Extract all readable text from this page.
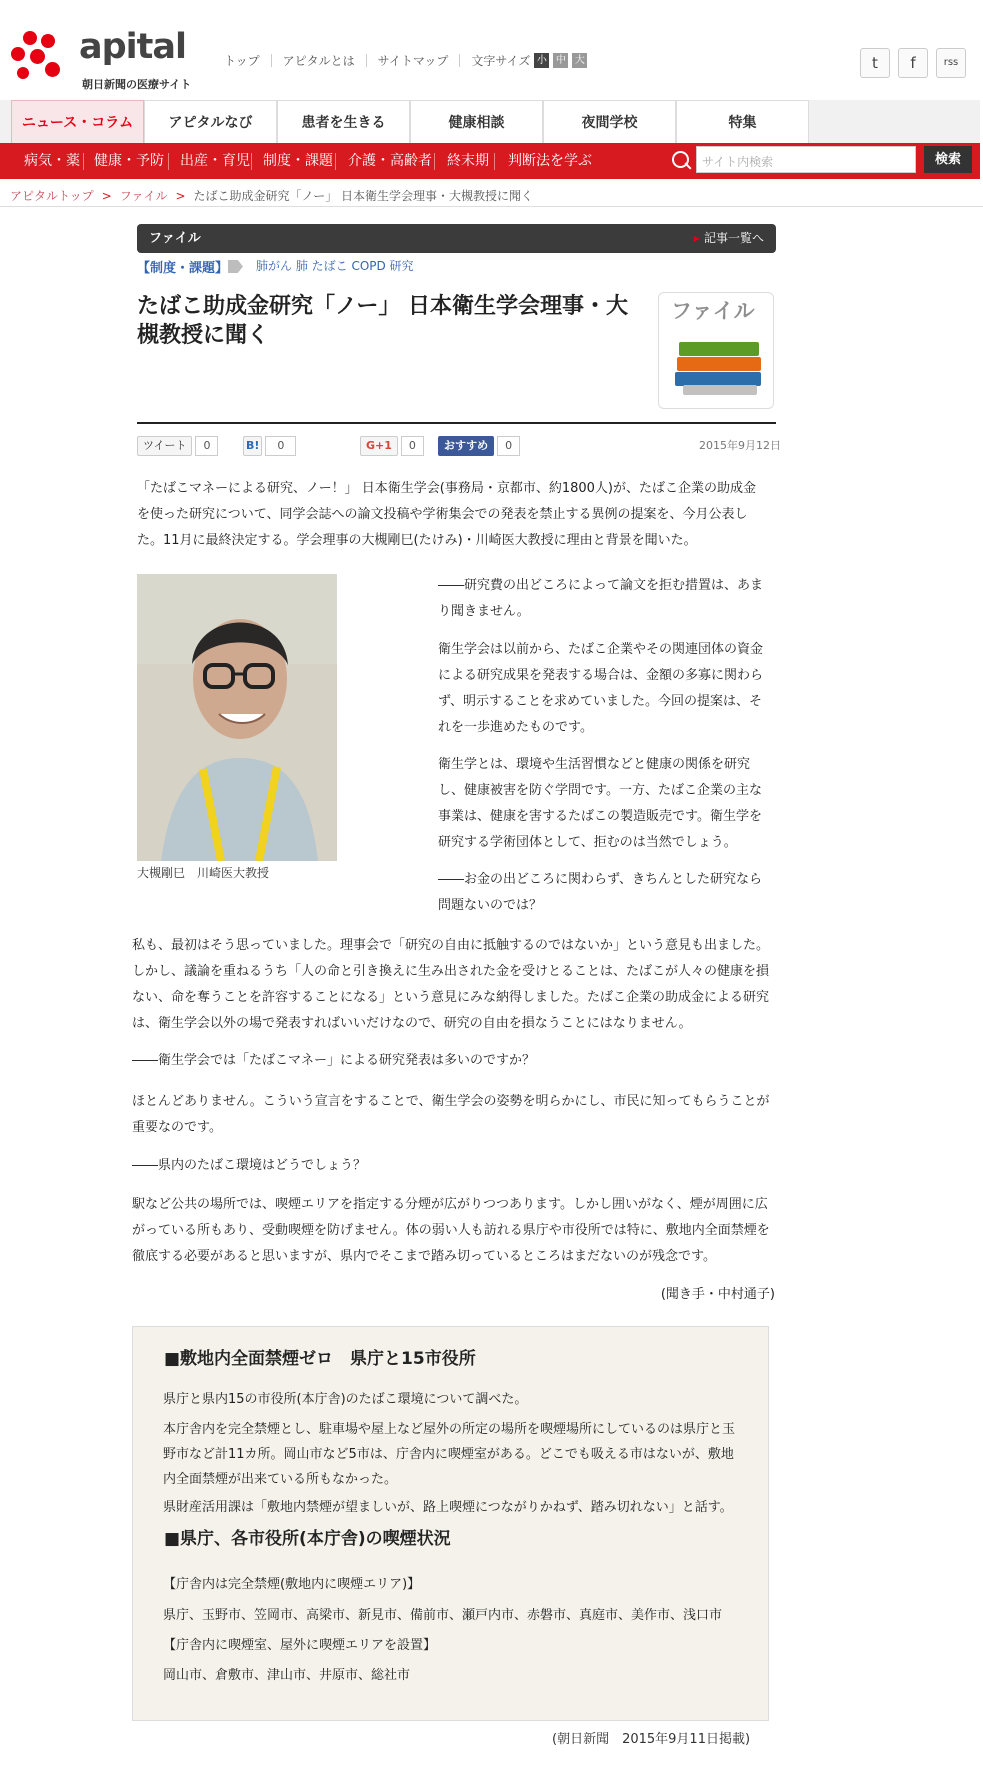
apital
朝日新聞の医療サイト
トップ アピタルとは サイトマップ 文字サイズ 小 中 大	t	f	rss
ニュース・コラム	アピタルなび	患者を生きる	健康相談	夜間学校	特集
病気・薬 健康・予防 出産・育児 制度・課題 介護・高齢者 終末期 判断法を学ぶ	サイト内検索	検索
アピタルトップ > ファイル > たばこ助成金研究「ノー」 日本衛生学会理事・大槻教授に聞く
ファイル
▸	記事一覧へ
【制度・課題】 肺がん 肺 たばこ COPD 研究
たばこ助成金研究「ノー」 日本衛生学会理事・大槻教授に聞く
ファイル
ツイート 0	B! 0	G+1 0	おすすめ 0	2015年9月12日
「たばこマネーによる研究、ノー！」 日本衛生学会(事務局・京都市、約1800人)が、たばこ企業の助成金を使った研究について、同学会誌への論文投稿や学術集会での発表を禁止する異例の提案を、今月公表した。11月に最終決定する。学会理事の大槻剛巳(たけみ)・川崎医大教授に理由と背景を聞いた。
大槻剛巳　川崎医大教授
――研究費の出どころによって論文を拒む措置は、あまり聞きません。
衛生学会は以前から、たばこ企業やその関連団体の資金による研究成果を発表する場合は、金額の多寡に関わらず、明示することを求めていました。今回の提案は、それを一歩進めたものです。
衛生学とは、環境や生活習慣などと健康の関係を研究し、健康被害を防ぐ学問です。一方、たばこ企業の主な事業は、健康を害するたばこの製造販売です。衛生学を研究する学術団体として、拒むのは当然でしょう。
――お金の出どころに関わらず、きちんとした研究なら問題ないのでは？
私も、最初はそう思っていました。理事会で「研究の自由に抵触するのではないか」という意見も出ました。しかし、議論を重ねるうち「人の命と引き換えに生み出された金を受けとることは、たばこが人々の健康を損ない、命を奪うことを許容することになる」という意見にみな納得しました。たばこ企業の助成金による研究は、衛生学会以外の場で発表すればいいだけなので、研究の自由を損なうことにはなりません。
――衛生学会では「たばこマネー」による研究発表は多いのですか？
ほとんどありません。こういう宣言をすることで、衛生学会の姿勢を明らかにし、市民に知ってもらうことが重要なのです。
――県内のたばこ環境はどうでしょう？
駅など公共の場所では、喫煙エリアを指定する分煙が広がりつつあります。しかし囲いがなく、煙が周囲に広がっている所もあり、受動喫煙を防げません。体の弱い人も訪れる県庁や市役所では特に、敷地内全面禁煙を徹底する必要があると思いますが、県内でそこまで踏み切っているところはまだないのが残念です。
(聞き手・中村通子)
■敷地内全面禁煙ゼロ　県庁と15市役所
県庁と県内15の市役所(本庁舎)のたばこ環境について調べた。
本庁舎内を完全禁煙とし、駐車場や屋上など屋外の所定の場所を喫煙場所にしているのは県庁と玉野市など計11カ所。岡山市など5市は、庁舎内に喫煙室がある。どこでも吸える市はないが、敷地内全面禁煙が出来ている所もなかった。
県財産活用課は「敷地内禁煙が望ましいが、路上喫煙につながりかねず、踏み切れない」と話す。
■県庁、各市役所(本庁舎)の喫煙状況
【庁舎内は完全禁煙(敷地内に喫煙エリア)】
県庁、玉野市、笠岡市、高梁市、新見市、備前市、瀬戸内市、赤磐市、真庭市、美作市、浅口市
【庁舎内に喫煙室、屋外に喫煙エリアを設置】
岡山市、倉敷市、津山市、井原市、総社市
(朝日新聞　2015年9月11日掲載)
